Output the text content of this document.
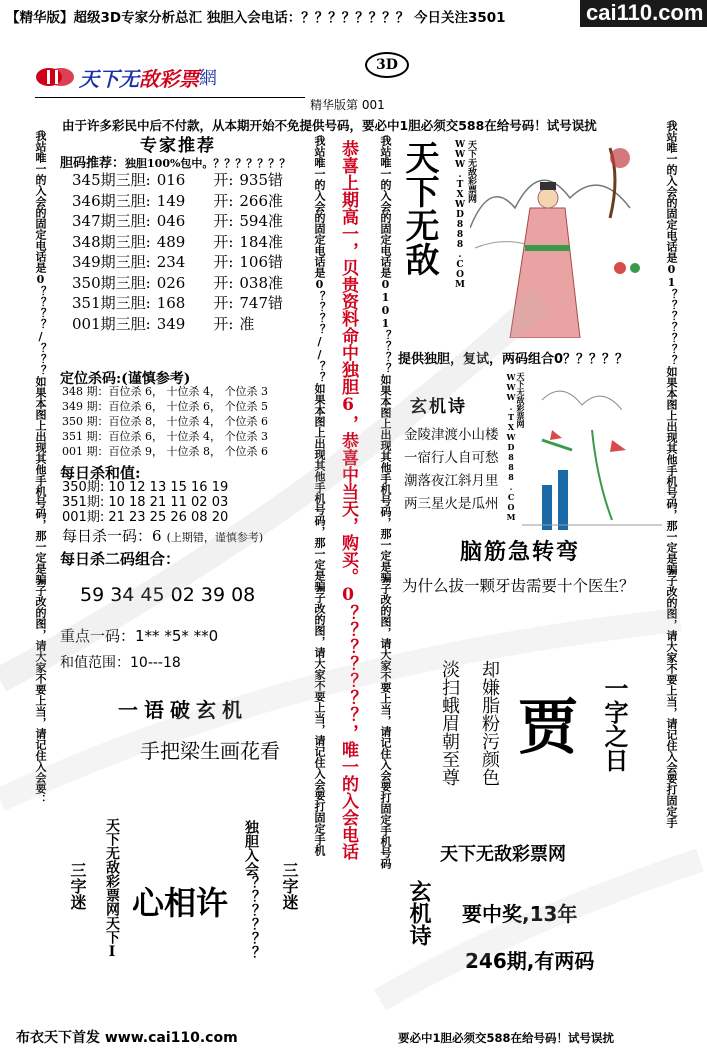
【精华版】超级3D专家分析总汇 独胆入会电话：？？？？？？？？ 今日关注3501	cai110.com
天下无 敌彩票 網
3D
精华版第 001
由于许多彩民中后不付款，从本期开始不免提供号码，要必中1胆必须交588在给号码！试号误扰
我站唯一的入会的固定电话是0？？？？/？？？如果本图上出现其他手机号码，那一定是骗子改的图，请大家不要上当，请记住入会要：	专家推荐
胆码推荐：独胆100%包中。？？？？？？？
345期三胆: 016 开: 935错
346期三胆: 149 开: 266准
347期三胆: 046 开: 594准
348期三胆: 489 开: 184准
349期三胆: 234 开: 106错
350期三胆: 026 开: 038准
351期三胆: 168 开: 747错
001期三胆: 349 开: 准
定位杀码:(谨慎参考)
348 期：百位杀 6， 十位杀 4， 个位杀 3
349 期：百位杀 6， 十位杀 6， 个位杀 5
350 期：百位杀 8， 十位杀 4， 个位杀 6
351 期：百位杀 6， 十位杀 4， 个位杀 3
001 期：百位杀 9， 十位杀 8， 个位杀 6
每日杀和值:
350期: 10 12 13 15 16 19
351期: 10 18 21 11 02 03
001期: 21 23 25 26 08 20
每日杀一码：6 (上期错，谨慎参考)
每日杀二码组合：
59 34 45 02 39 08
重点一码：1** *5* **0
和值范围：10---18
一语破玄机
手把梁生画花看
天下无敌彩票网天下I 心相许 独胆入会？？？？？？
三字迷	三字迷
我站唯一的入会的固定电话是0？？？？//？？如果本图上出现其他手机号码，那一定是骗子改的图，请大家不要上当，请记住入会要打固定手机 恭喜上期高一，贝贵资料命中独胆6，恭喜中当天，购买。0？？？？？？？，唯一的入会电话 我站唯一的入会的固定电话是0101？？？？如果本图上出现其他手机号码，那一定是骗子改的图，请大家不要上当，请记住入会要打固定手机号码 天下无敌	天下无敌彩票网WWW.TXWD888.COM
提供独胆，复试，两码组合0？？？？？
玄机诗
金陵津渡小山楼
一宿行人自可愁
潮落夜江斜月里
两三星火是瓜州
天下无敌彩票网WWW.TXWD888.COM
脑筋急转弯
为什么拔一颗牙齿需要十个医生？
却嫌脂粉污颜色
淡扫蛾眉朝至尊 贾 一字之日
天下无敌彩票网
玄机诗 要中奖,13年
246期,有两码
我站唯一的入会的固定电话是01？？？？？？？如果本图上出现其他手机号码，那一定是骗子改的图，请大家不要上当，请记住入会要打固定手
布衣天下首发 www.cai110.com	要必中1胆必须交588在给号码！试号误扰
